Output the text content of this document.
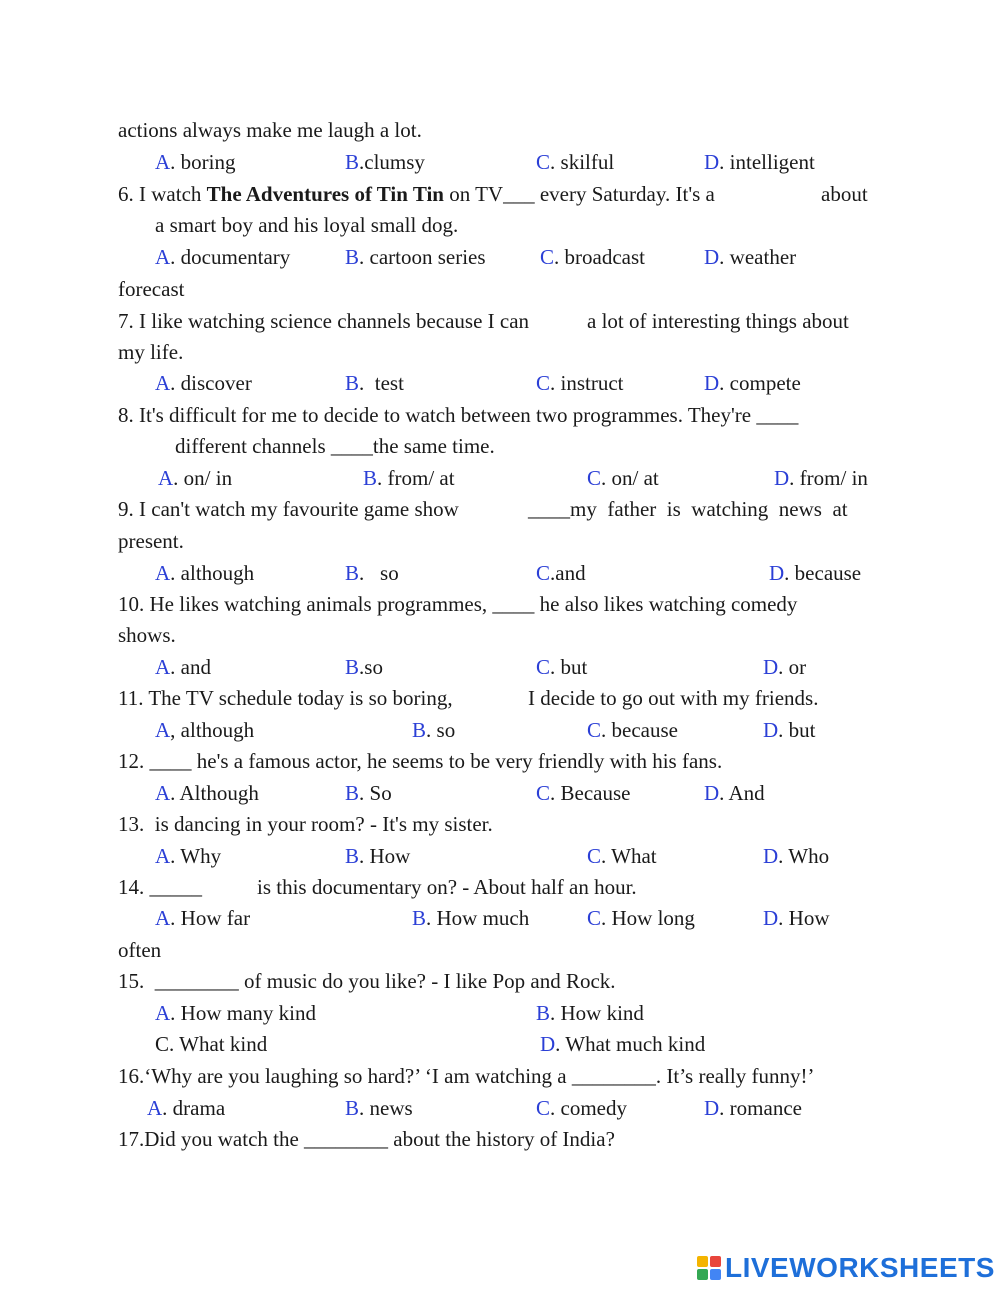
actions always make me laugh a lot.
A. boring	B.clumsy	C. skilful	D. intelligent
6. I watch The Adventures of Tin Tin on TV___ every Saturday. It's a	about
a smart boy and his loyal small dog.
A. documentary	B. cartoon series	C. broadcast	D. weather
forecast
7. I like watching science channels because I can	a lot of interesting things about
my life.
A. discover	B.  test	C. instruct	D. compete
8. It's difficult for me to decide to watch between two programmes. They're ____
different channels ____the same time.
A. on/ in	B. from/ at	C. on/ at	D. from/ in
9. I can't watch my favourite game show	____my  father  is  watching  news  at
present.
A. although	B.   so	C.and	D. because
10. He likes watching animals programmes, ____ he also likes watching comedy
shows.
A. and	B.so	C. but	D. or
11. The TV schedule today is so boring,	I decide to go out with my friends.
A, although	B. so	C. because	D. but
12. ____ he's a famous actor, he seems to be very friendly with his fans.
A. Although	B. So	C. Because	D. And
13.  is dancing in your room? - It's my sister.
A. Why	B. How	C. What	D. Who
14. _____	is this documentary on? - About half an hour.
A. How far	B. How much	C. How long	D. How
often
15.  ________ of music do you like? - I like Pop and Rock.
A. How many kind	B. How kind
C. What kind	D. What much kind
16.‘Why are you laughing so hard?’ ‘I am watching a ________. It’s really funny!’
A. drama	B. news	C. comedy	D. romance
17.Did you watch the ________ about the history of India?
LIVEWORKSHEETS
